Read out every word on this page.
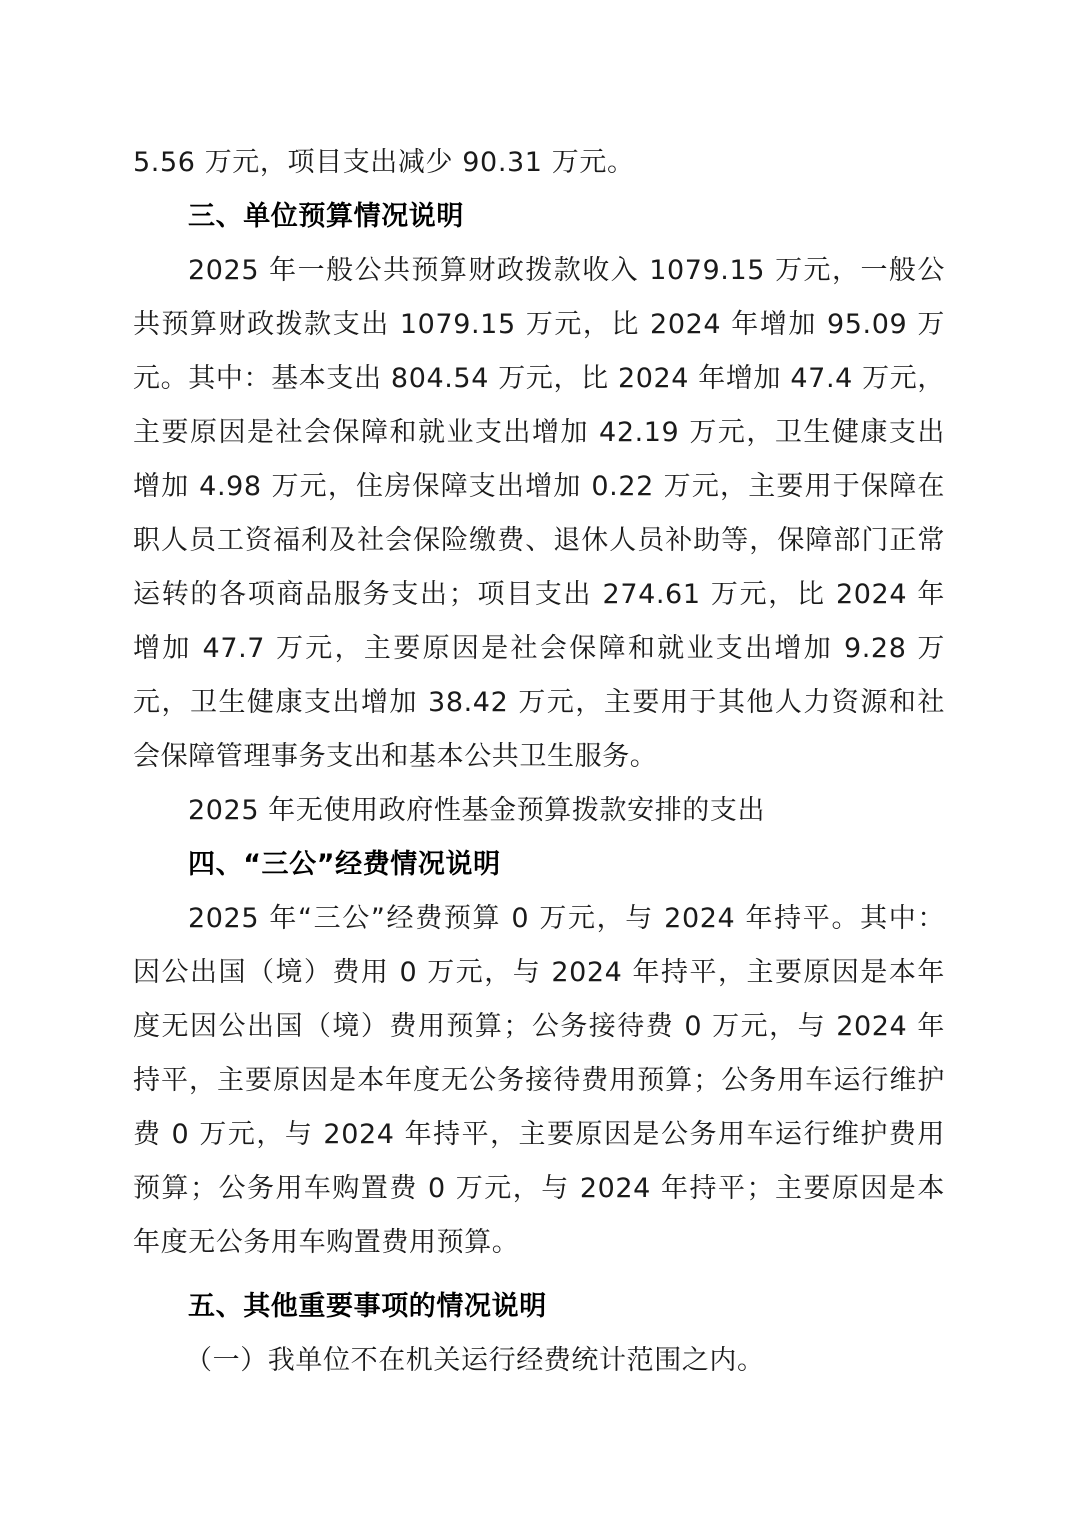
5.56 万元，项目支出减少 90.31 万元。

三、单位预算情况说明

2025 年一般公共预算财政拨款收入 1079.15 万元，一般公共预算财政拨款支出 1079.15 万元，比 2024 年增加 95.09 万元。其中：基本支出 804.54 万元，比 2024 年增加 47.4 万元，主要原因是社会保障和就业支出增加 42.19 万元，卫生健康支出增加 4.98 万元，住房保障支出增加 0.22 万元，主要用于保障在职人员工资福利及社会保险缴费、退休人员补助等，保障部门正常运转的各项商品服务支出；项目支出 274.61 万元，比 2024 年增加 47.7 万元，主要原因是社会保障和就业支出增加 9.28 万元，卫生健康支出增加 38.42 万元，主要用于其他人力资源和社会保障管理事务支出和基本公共卫生服务。

2025 年无使用政府性基金预算拨款安排的支出

四、“三公”经费情况说明

2025 年“三公”经费预算 0 万元，与 2024 年持平。其中：因公出国（境）费用 0 万元，与 2024 年持平，主要原因是本年度无因公出国（境）费用预算；公务接待费 0 万元，与 2024 年持平，主要原因是本年度无公务接待费用预算；公务用车运行维护费 0 万元，与 2024 年持平，主要原因是公务用车运行维护费用预算；公务用车购置费 0 万元，与 2024 年持平；主要原因是本年度无公务用车购置费用预算。

五、其他重要事项的情况说明

（一）我单位不在机关运行经费统计范围之内。
